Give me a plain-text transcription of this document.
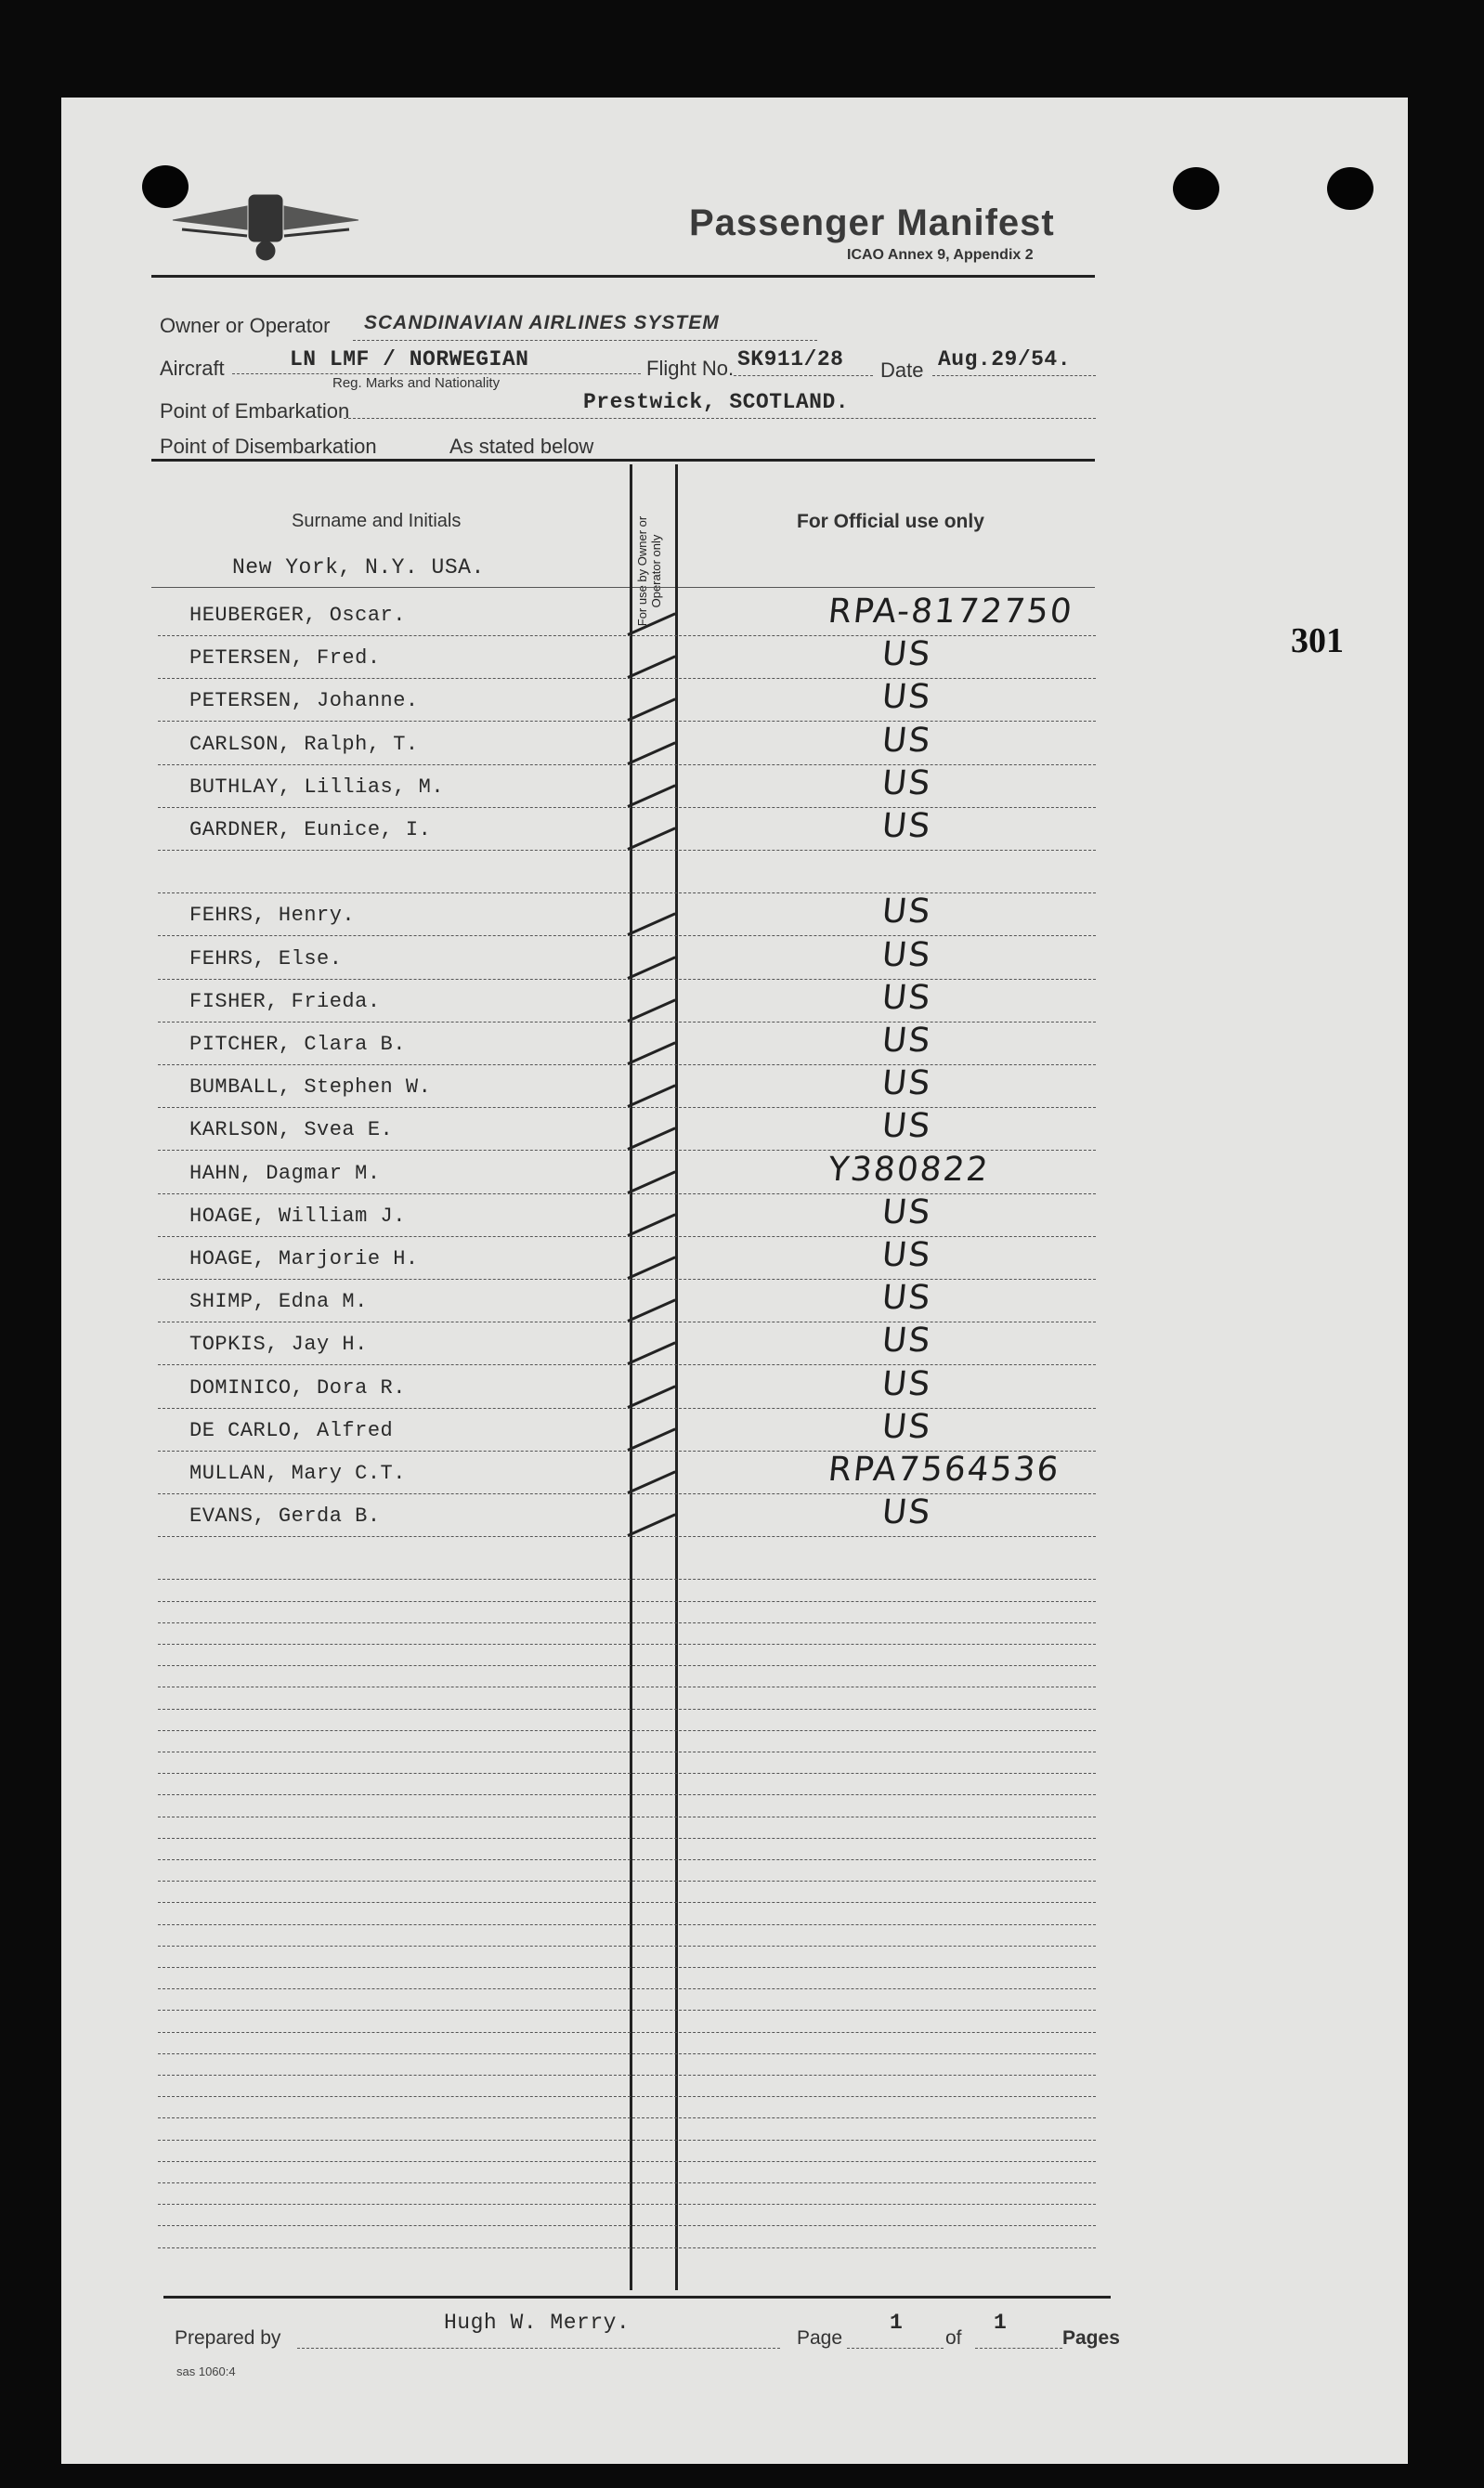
Passenger Manifest
ICAO Annex 9, Appendix 2
301
Owner or Operator SCANDINAVIAN AIRLINES SYSTEM
Aircraft	LN LMF / NORWEGIAN
Reg. Marks and Nationality
Flight No. SK911/28 Date Aug.29/54.
Point of Embarkation	Prestwick, SCOTLAND.
Point of Disembarkation	As stated below
Surname and Initials	For use by Owner or Operator only
For Official use only
New York, N.Y. USA.
HEUBERGER, Oscar.	RPA-8172750
PETERSEN, Fred.	US
PETERSEN, Johanne.	US
CARLSON, Ralph, T.	US
BUTHLAY, Lillias, M.	US
GARDNER, Eunice, I.	US
FEHRS, Henry.	US
FEHRS, Else.	US
FISHER, Frieda.	US
PITCHER, Clara B.	US
BUMBALL, Stephen W.	US
KARLSON, Svea E.	US
HAHN, Dagmar M.	Y380822
HOAGE, William J.	US
HOAGE, Marjorie H.	US
SHIMP, Edna M.	US
TOPKIS, Jay H.	US
DOMINICO, Dora R.	US
DE CARLO, Alfred	US
MULLAN, Mary C.T.	RPA7564536
EVANS, Gerda B.	US
Prepared by
Hugh W. Merry.
Page
1
of
1
Pages
sas 1060:4
